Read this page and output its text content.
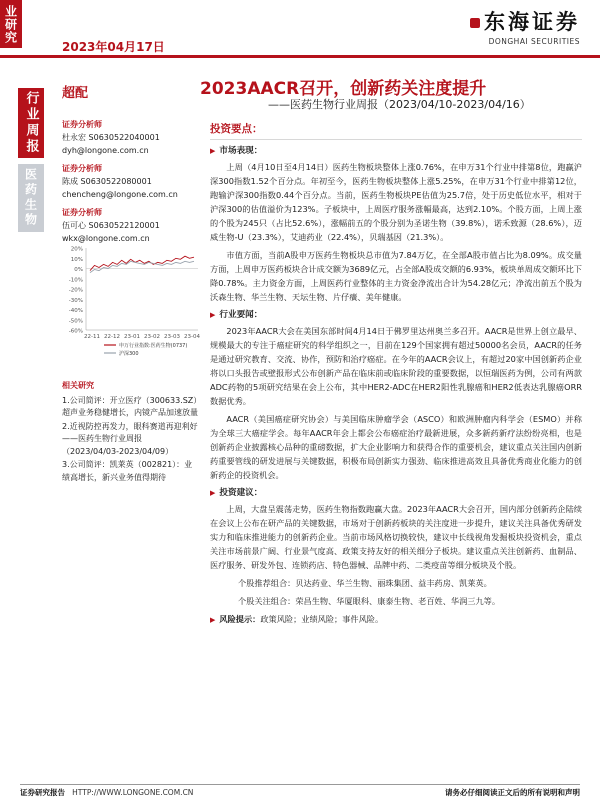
业研究
2023年04月17日
东海证券
DONGHAI SECURITIES
行业周报
医药生物
超配	2023AACR召开，创新药关注度提升
——医药生物行业周报（2023/04/10-2023/04/16）
证券分析师
杜永宏 S0630522040001
dyh@longone.com.cn
证券分析师
陈成 S0630522080001
chencheng@longone.com.cn
证券分析师
伍可心 S0630522120001
wkx@longone.com.cn
20%
10%
0%
-10%
-20%
-30%
-40%
-50%
-60%
22-11 22-12 23-01 23-02 23-03 23-04
申万行业指数:医药生物(0737)
沪深300
相关研究

1.公司简评：开立医疗（300633.SZ）超声业务稳健增长，内镜产品加速放量

2.近视防控再发力，眼科赛道再迎利好——医药生物行业周报（2023/04/03-2023/04/09）

3.公司简评：凯莱英（002821）：业绩高增长，新兴业务值得期待

投资要点：
▶ 市场表现：

上周（4月10日至4月14日）医药生物板块整体上涨0.76%，在申万31个行业中排第8位，跑赢沪深300指数1.52个百分点。年初至今，医药生物板块整体上涨5.25%，在申万31个行业中排第12位，跑输沪深300指数0.44个百分点。当前，医药生物板块PE估值为25.7倍，处于历史低位水平，相对于沪深300的估值溢价为123%。子板块中，上周医疗服务涨幅最高，达到2.10%。个股方面，上周上涨的个股为245只（占比52.6%），涨幅前五的个股分别为圣诺生物（39.8%），诺禾致源（28.6%），迈威生物-U（23.3%），艾迪药业（22.4%），贝瑞基因（21.3%）。

市值方面，当前A股申万医药生物板块总市值为7.84万亿，在全部A股市值占比为8.09%。成交量方面，上周申万医药板块合计成交额为3689亿元，占全部A股成交额的6.93%，板块单周成交额环比下降0.78%。主力资金方面，上周医药行业整体的主力资金净流出合计为54.28亿元；净流出前五个股为沃森生物、华兰生物、天坛生物、片仔癀、美年健康。

▶ 行业要闻：

2023年AACR大会在美国东部时间4月14日于佛罗里达州奥兰多召开。AACR是世界上创立最早、规模最大的专注于癌症研究的科学组织之一，目前在129个国家拥有超过50000名会员，AACR的任务是通过研究教育、交流、协作，预防和治疗癌症。在今年的AACR会议上，有超过20家中国创新药企业将以口头报告或壁报形式公布创新产品在临床前或临床阶段的重要数据，以恒瑞医药为例，公司有两款ADC药物的5项研究结果在会上公布，其中HER2-ADC在HER2阳性乳腺癌和HER2低表达乳腺癌ORR数据优秀。

AACR（美国癌症研究协会）与美国临床肿瘤学会（ASCO）和欧洲肿瘤内科学会（ESMO）并称为全球三大癌症学会。每年AACR年会上都会公布癌症治疗最新进展，众多新药新疗法纷纷亮相，也是创新药企业披露核心品种的重磅数据，扩大企业影响力和获得合作的重要机会，建议重点关注国内创新药重要管线的研发进展与关键数据，积极布局创新实力强劲、临床推进高效且具备优秀商业化能力的创新药企的投资机会。

▶ 投资建议：

上周，大盘呈震荡走势，医药生物指数跑赢大盘。2023年AACR大会召开，国内部分创新药企陆续在会议上公布在研产品的关键数据，市场对于创新药板块的关注度进一步提升，建议关注具备优秀研发实力和临床推进能力的创新药企业。当前市场风格切换较快，建议中长线视角发掘板块投资机会，重点关注市场前景广阔、行业景气度高、政策支持友好的相关细分子板块。建议重点关注创新药、血制品、医疗服务、研发外包、连锁药店、特色器械、品牌中药、二类疫苗等细分板块及个股。

个股推荐组合：贝达药业、华兰生物、丽珠集团、益丰药房、凯莱英。

个股关注组合：荣昌生物、华厦眼科、康泰生物、老百姓、华润三九等。

▶ 风险提示：政策风险；业绩风险；事件风险。
证券研究报告 HTTP://WWW.LONGONE.COM.CN	请务必仔细阅读正文后的所有说明和声明
